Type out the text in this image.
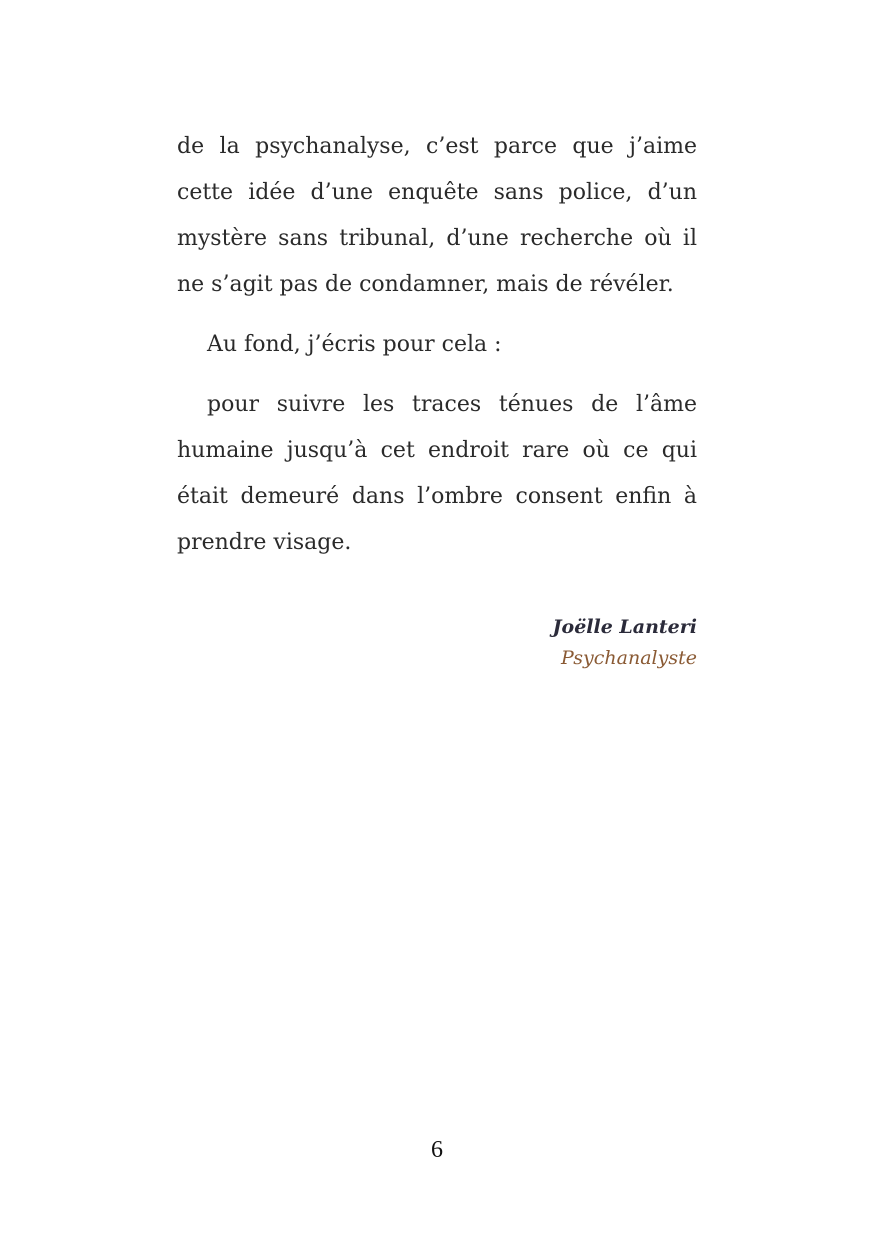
de la psychanalyse, c’est parce que j’aime cette idée d’une enquête sans police, d’un mystère sans tribunal, d’une recherche où il ne s’agit pas de condamner, mais de révéler.

Au fond, j’écris pour cela :

pour suivre les traces ténues de l’âme humaine jusqu’à cet endroit rare où ce qui était demeuré dans l’ombre consent enfin à prendre visage.

Joëlle Lanteri
Psychanalyste
6
